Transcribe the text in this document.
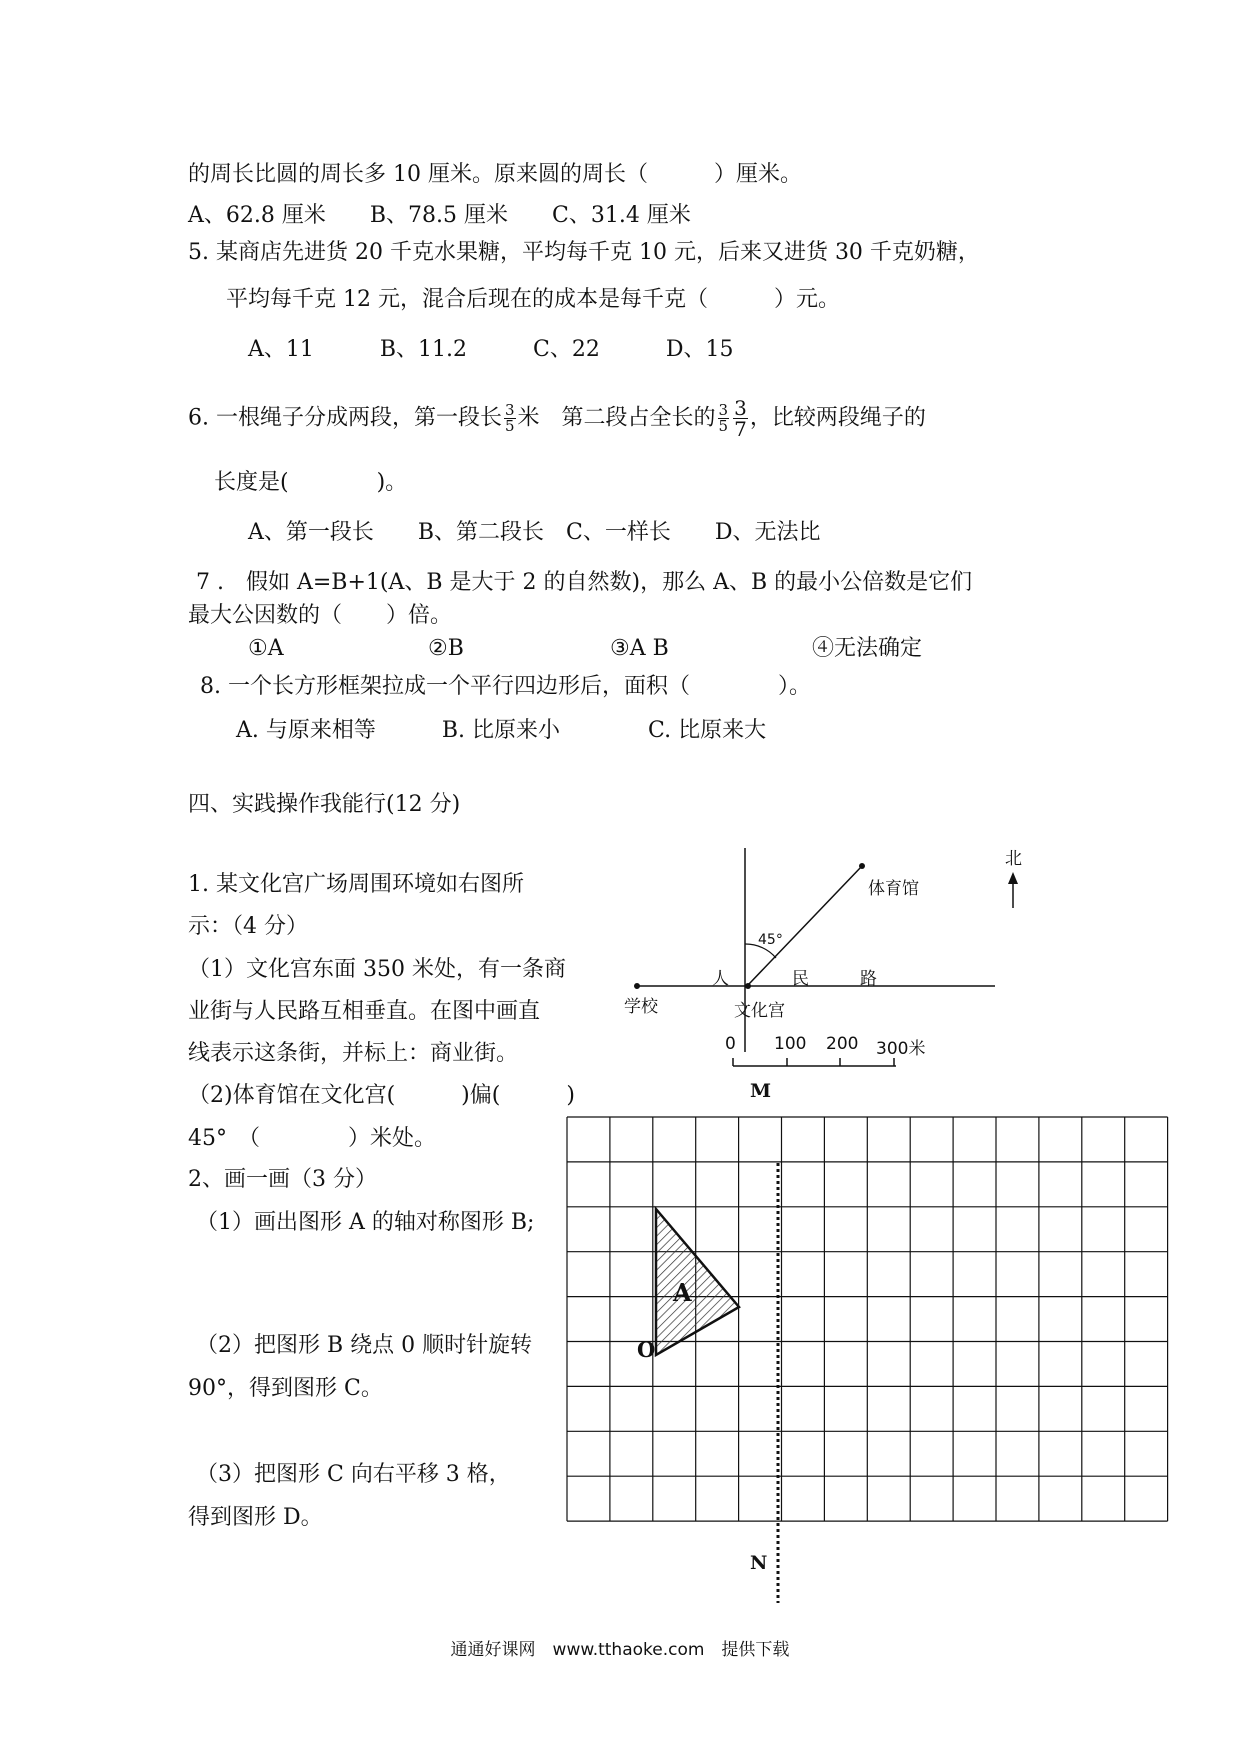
的周长比圆的周长多 10 厘米。原来圆的周长（　　　）厘米。
A、62.8 厘米　　B、78.5 厘米　　C、31.4 厘米
5. 某商店先进货 20 千克水果糖，平均每千克 10 元，后来又进货 30 千克奶糖，
平均每千克 12 元，混合后现在的成本是每千克（　　　）元。
A、11　　　B、11.2　　　C、22　　　D、15
6. 一根绳子分成两段，第一段长 $\frac{3}{5}$ 米　第二段占全长的 $\frac{3}{5} \frac{3}{7}$ ，比较两段绳子的
长度是(　　　　)。
A、第一段长　　B、第二段长　C、一样长　　D、无法比
7 .　假如 A=B+1(A、B 是大于 2 的自然数)，那么 A、B 的最小公倍数是它们
最大公因数的（　　）倍。
①A	②B	③A B	④无法确定
8. 一个长方形框架拉成一个平行四边形后，面积（　　　　）。
A. 与原来相等　　　B. 比原来小　　　　C. 比原来大
四、实践操作我能行(12 分)
1. 某文化宫广场周围环境如右图所
示：（4 分）
（1）文化宫东面 350 米处，有一条商
业街与人民路互相垂直。在图中画直
线表示这条街，并标上：商业街。
（2)体育馆在文化宫(　　　)偏(　　　)
45°　（　　　　）米处。
2、画一画（3 分）
（1）画出图形 A 的轴对称图形 B;
（2）把图形 B 绕点 0 顺时针旋转
90°，得到图形 C。
（3）把图形 C 向右平移 3 格，
得到图形 D。
北
体育馆
45°
人	民	路
学校	文化宫
0 100 200 300米
M
N
A
O
通通好课网　www.tthaoke.com　提供下载
